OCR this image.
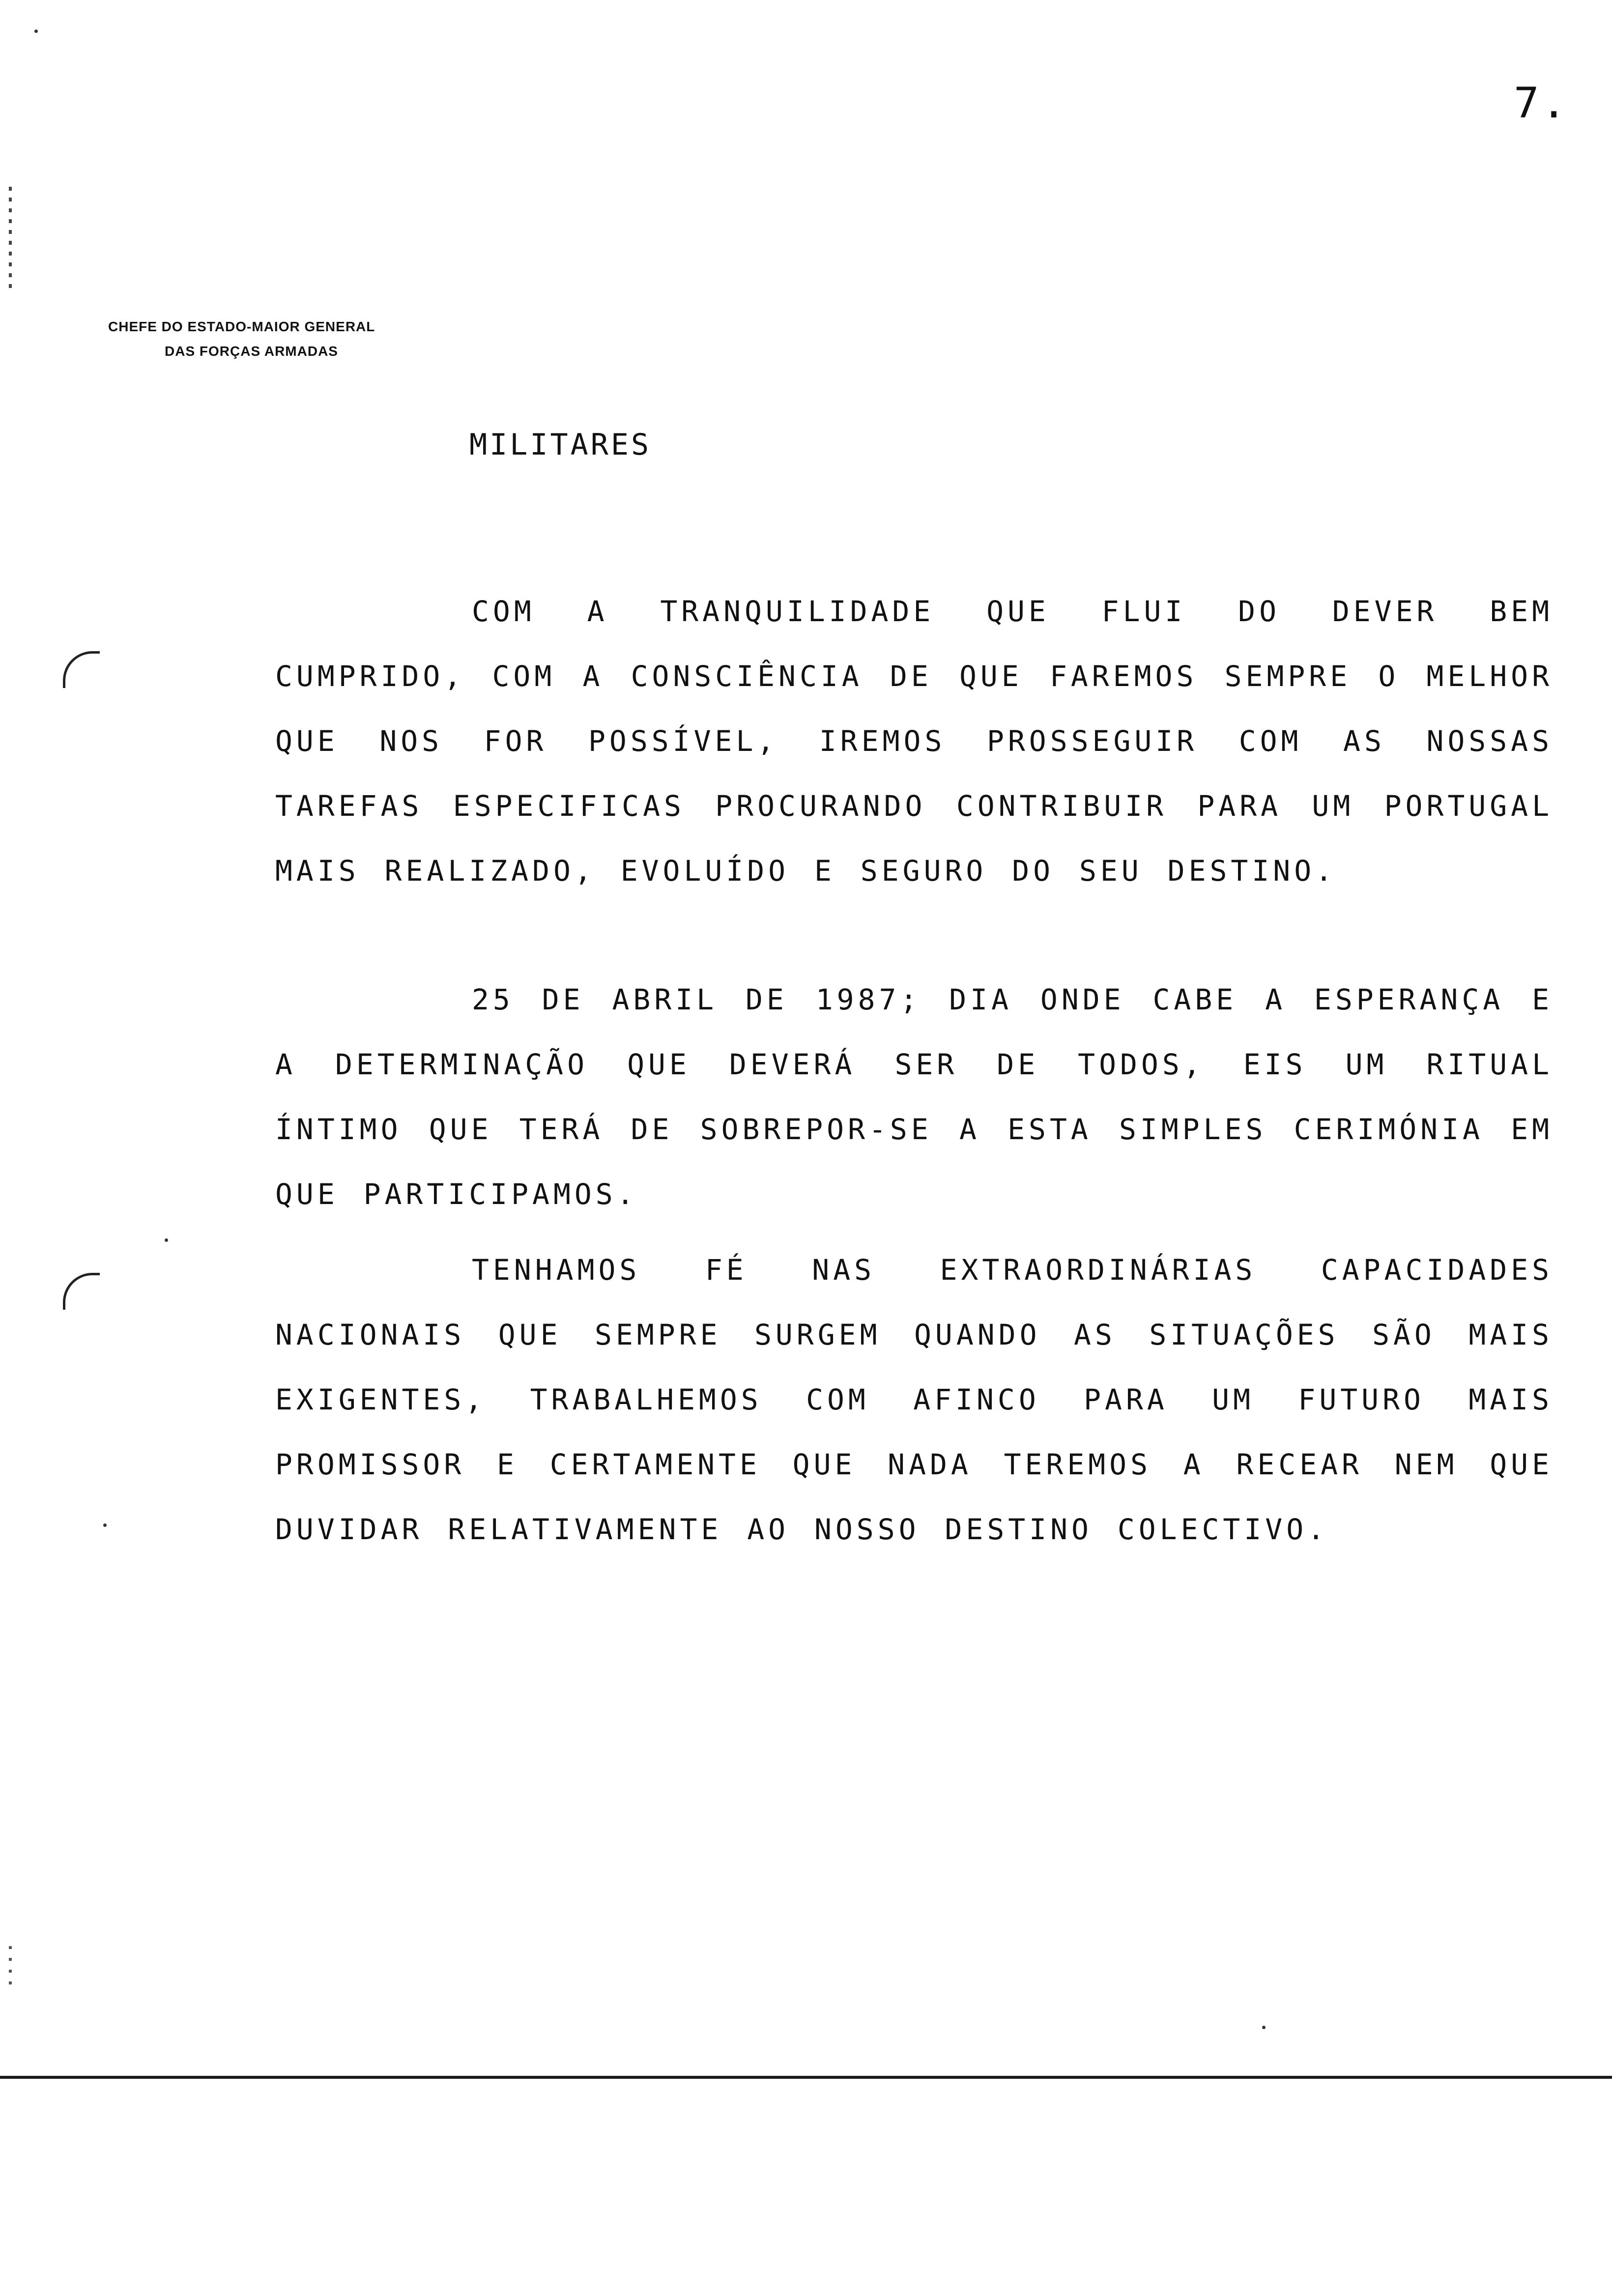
7.
CHEFE DO ESTADO-MAIOR GENERAL
DAS FORÇAS ARMADAS
MILITARES

COM A TRANQUILIDADE QUE FLUI DO DEVER BEM CUMPRIDO, COM A CONSCIÊNCIA DE QUE FAREMOS SEMPRE O MELHOR QUE NOS FOR POSSÍVEL, IREMOS PROSSEGUIR COM AS NOSSAS TAREFAS ESPECIFICAS PROCURANDO CONTRIBUIR PARA UM PORTUGAL MAIS REALIZADO, EVOLUÍDO E SEGURO DO SEU DESTINO.

25 DE ABRIL DE 1987; DIA ONDE CABE A ESPERANÇA E A DETERMINAÇÃO QUE DEVERÁ SER DE TODOS, EIS UM RITUAL ÍNTIMO QUE TERÁ DE SOBREPOR-SE A ESTA SIMPLES CERIMÓNIA EM QUE PARTICIPAMOS.

TENHAMOS FÉ NAS EXTRAORDINÁRIAS CAPACIDADES NACIONAIS QUE SEMPRE SURGEM QUANDO AS SITUAÇÕES SÃO MAIS EXIGENTES, TRABALHEMOS COM AFINCO PARA UM FUTURO MAIS PROMISSOR E CERTAMENTE QUE NADA TEREMOS A RECEAR NEM QUE DUVIDAR RELATIVAMENTE AO NOSSO DESTINO COLECTIVO.
